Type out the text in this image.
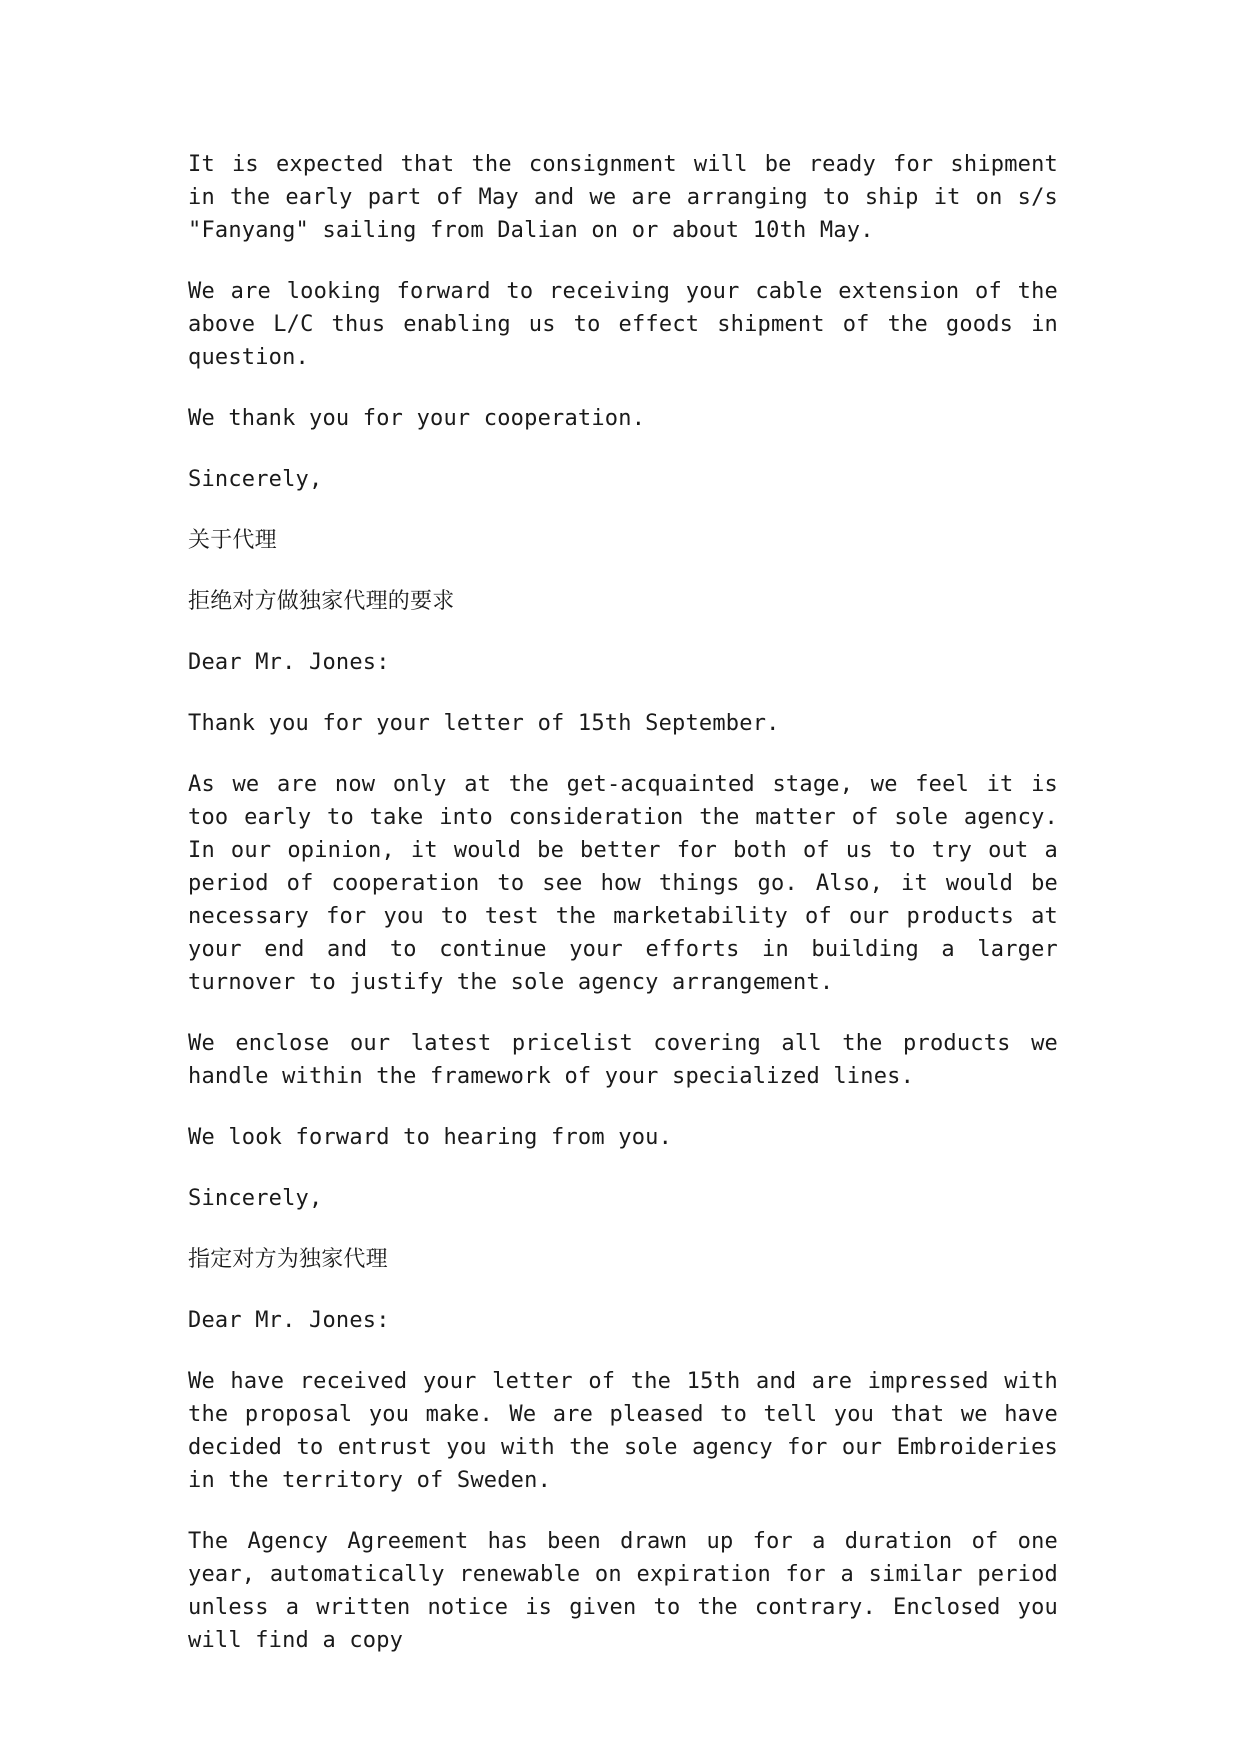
It is expected that the consignment will be ready for shipment in the early part of May and we are arranging to ship it on s/s "Fanyang" sailing from Dalian on or about 10th May.

We are looking forward to receiving your cable extension of the above L/C thus enabling us to effect shipment of the goods in question.

We thank you for your cooperation.

Sincerely,

关于代理

拒绝对方做独家代理的要求

Dear Mr. Jones:

Thank you for your letter of 15th September.

As we are now only at the get-acquainted stage, we feel it is too early to take into consideration the matter of sole agency. In our opinion, it would be better for both of us to try out a period of cooperation to see how things go. Also, it would be necessary for you to test the marketability of our products at your end and to continue your efforts in building a larger turnover to justify the sole agency arrangement.

We enclose our latest pricelist covering all the products we handle within the framework of your specialized lines.

We look forward to hearing from you.

Sincerely,

指定对方为独家代理

Dear Mr. Jones:

We have received your letter of the 15th and are impressed with the proposal you make. We are pleased to tell you that we have decided to entrust you with the sole agency for our Embroideries in the territory of Sweden.

The Agency Agreement has been drawn up for a duration of one year, automatically renewable on expiration for a similar period unless a written notice is given to the contrary. Enclosed you will find a copy
